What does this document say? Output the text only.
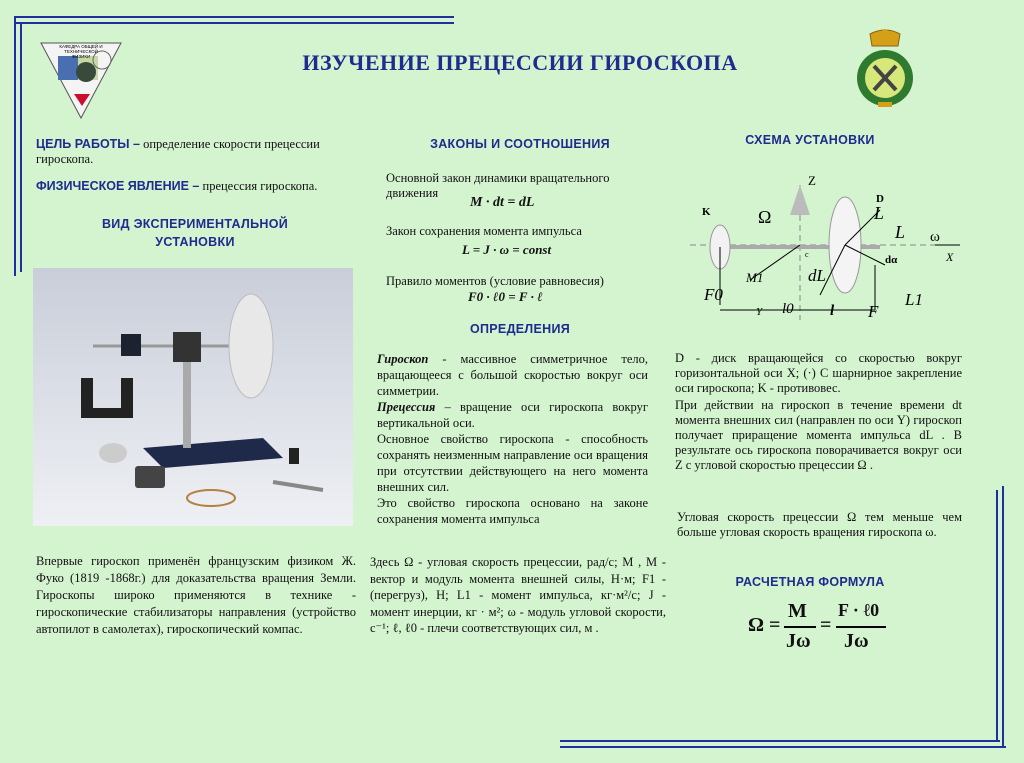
КАФЕДРА ОБЩЕЙ И
ТЕХНИЧЕСКОЙ
ФИЗИКИ	ИЗУЧЕНИЕ ПРЕЦЕССИИ ГИРОСКОПА
ЦЕЛЬ РАБОТЫ – определение скорости прецессии гироскопа.
ФИЗИЧЕСКОЕ ЯВЛЕНИЕ – прецессия гироскопа.
ВИД ЭКСПЕРИМЕНТАЛЬНОЙ
УСТАНОВКИ
Впервые гироскоп применён французским физиком Ж. Фуко (1819 -1868г.) для доказательства вращения Земли. Гироскопы широко применяются в технике - гироскопические стабилизаторы направления (устройство автопилот в самолетах), гироскопический компас.
ЗАКОНЫ И СООТНОШЕНИЯ
Основной закон динамики вращательного движения
M · dt = dL
Закон сохранения момента импульса
L = J · ω = const
Правило моментов (условие равновесия)
F0 · ℓ0 = F · ℓ
ОПРЕДЕЛЕНИЯ
Гироскоп - массивное симметричное тело, вращающееся с большой скоростью вокруг оси симметрии.
Прецессия – вращение оси гироскопа вокруг вертикальной оси.
Основное свойство гироскопа - способность сохранять неизменным направление оси вращения при отсутствии действующего на него момента внешних сил.
Это свойство гироскопа основано на законе сохранения момента импульса
Здесь Ω - угловая скорость прецессии, рад/с; M , M - вектор и модуль момента внешней силы, Н·м; F1 - (перегруз), Н; L1 - момент импульса, кг·м²/с; J - момент инерции, кг · м²; ω - модуль угловой скорости, с⁻¹; ℓ, ℓ0 - плечи соответствующих сил, м .
СХЕМА УСТАНОВКИ
Z
D
K	Ω	L
L ω
c
dL
dα	X
M1
F0
Y l0 l F
L1
D - диск вращающейся со скоростью вокруг горизонтальной оси X; (·) C шарнирное закрепление оси гироскопа; K - противовес.
При действии на гироскоп в течение времени dt момента внешних сил (направлен по оси Y) гироскоп получает приращение момента импульса dL . В результате ось гироскопа поворачивается вокруг оси Z с угловой скоростью прецессии Ω .
Угловая скорость прецессии Ω тем меньше чем больше угловая скорость вращения гироскопа ω.
РАСЧЕТНАЯ ФОРМУЛА
Ω =
M
Jω
=
F · ℓ0
Jω
